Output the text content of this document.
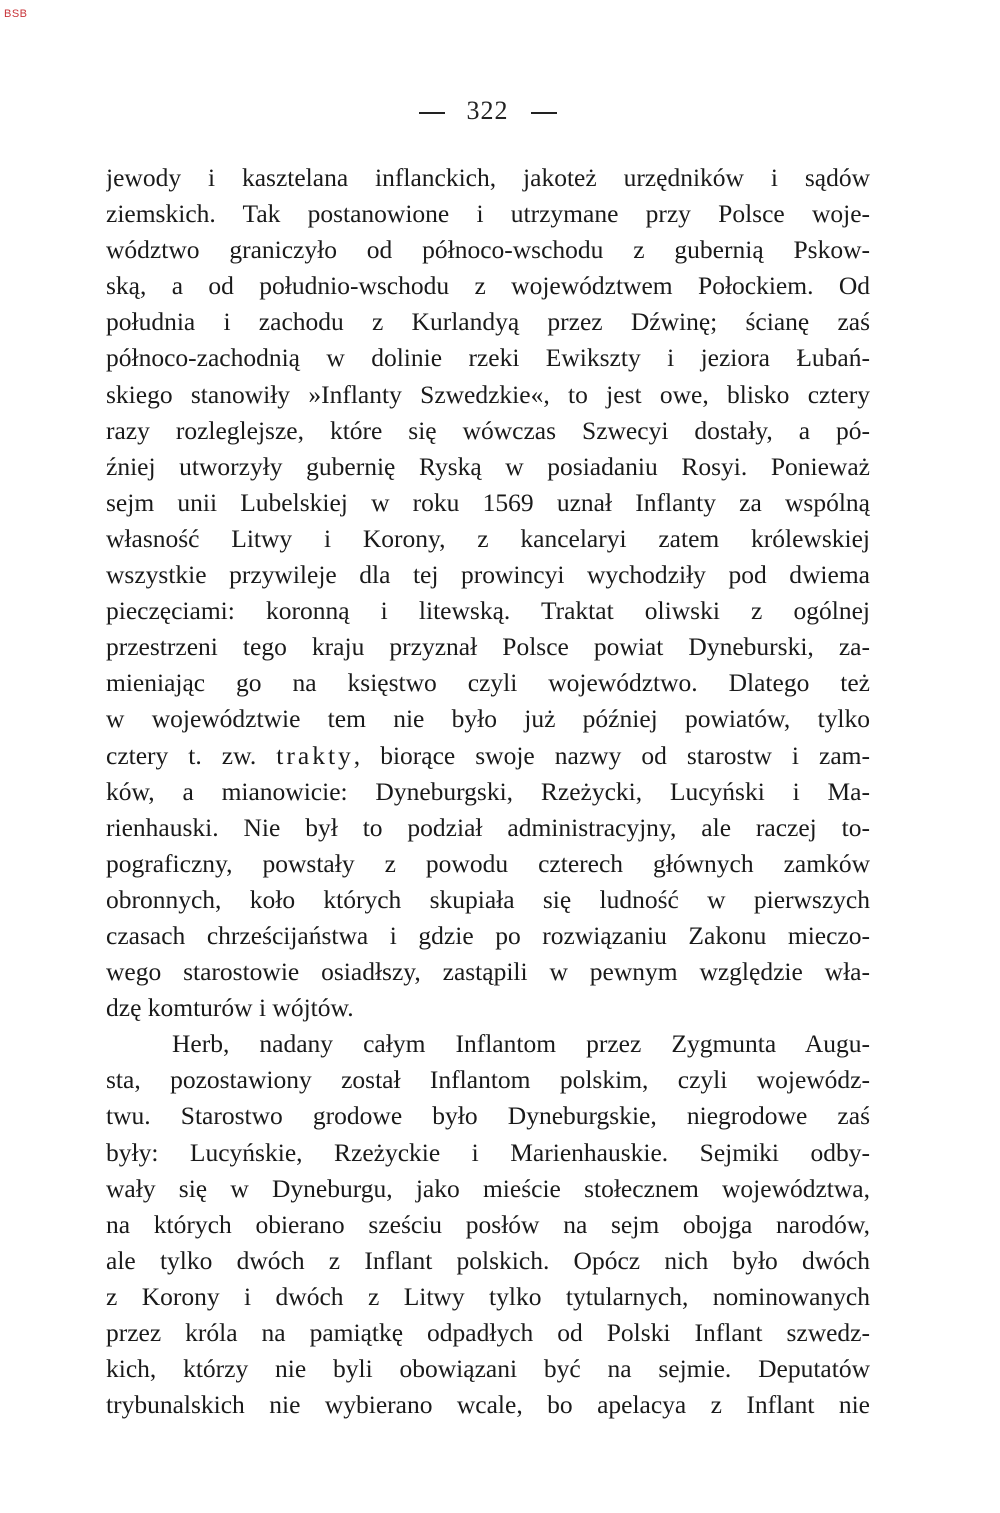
BSB
322
jewody i kasztelana inflanckich, jakoteż urzędników i sądów
ziemskich. Tak postanowione i utrzymane przy Polsce woje-
wództwo graniczyło od północo-wschodu z gubernią Pskow-
ską, a od południo-wschodu z województwem Połockiem. Od
południa i zachodu z Kurlandyą przez Dźwinę; ścianę zaś
północo-zachodnią w dolinie rzeki Ewikszty i jeziora Łubań-
skiego stanowiły »Inflanty Szwedzkie«, to jest owe, blisko cztery
razy rozleglejsze, które się wówczas Szwecyi dostały, a pó-
źniej utworzyły gubernię Ryską w posiadaniu Rosyi. Ponieważ
sejm unii Lubelskiej w roku 1569 uznał Inflanty za wspólną
własność Litwy i Korony, z kancelaryi zatem królewskiej
wszystkie przywileje dla tej prowincyi wychodziły pod dwiema
pieczęciami: koronną i litewską. Traktat oliwski z ogólnej
przestrzeni tego kraju przyznał Polsce powiat Dyneburski, za-
mieniając go na księstwo czyli województwo. Dlatego też
w województwie tem nie było już później powiatów, tylko
cztery t. zw. trakty, biorące swoje nazwy od starostw i zam-
ków, a mianowicie: Dyneburgski, Rzeżycki, Lucyński i Ma-
rienhauski. Nie był to podział administracyjny, ale raczej to-
pograficzny, powstały z powodu czterech głównych zamków
obronnych, koło których skupiała się ludność w pierwszych
czasach chrześcijaństwa i gdzie po rozwiązaniu Zakonu mieczo-
wego starostowie osiadłszy, zastąpili w pewnym względzie wła-
dzę komturów i wójtów.
Herb, nadany całym Inflantom przez Zygmunta Augu-
sta, pozostawiony został Inflantom polskim, czyli wojewódz-
twu. Starostwo grodowe było Dyneburgskie, niegrodowe zaś
były: Lucyńskie, Rzeżyckie i Marienhauskie. Sejmiki odby-
wały się w Dyneburgu, jako mieście stołecznem województwa,
na których obierano sześciu posłów na sejm obojga narodów,
ale tylko dwóch z Inflant polskich. Opócz nich było dwóch
z Korony i dwóch z Litwy tylko tytularnych, nominowanych
przez króla na pamiątkę odpadłych od Polski Inflant szwedz-
kich, którzy nie byli obowiązani być na sejmie. Deputatów
trybunalskich nie wybierano wcale, bo apelacya z Inflant nie
